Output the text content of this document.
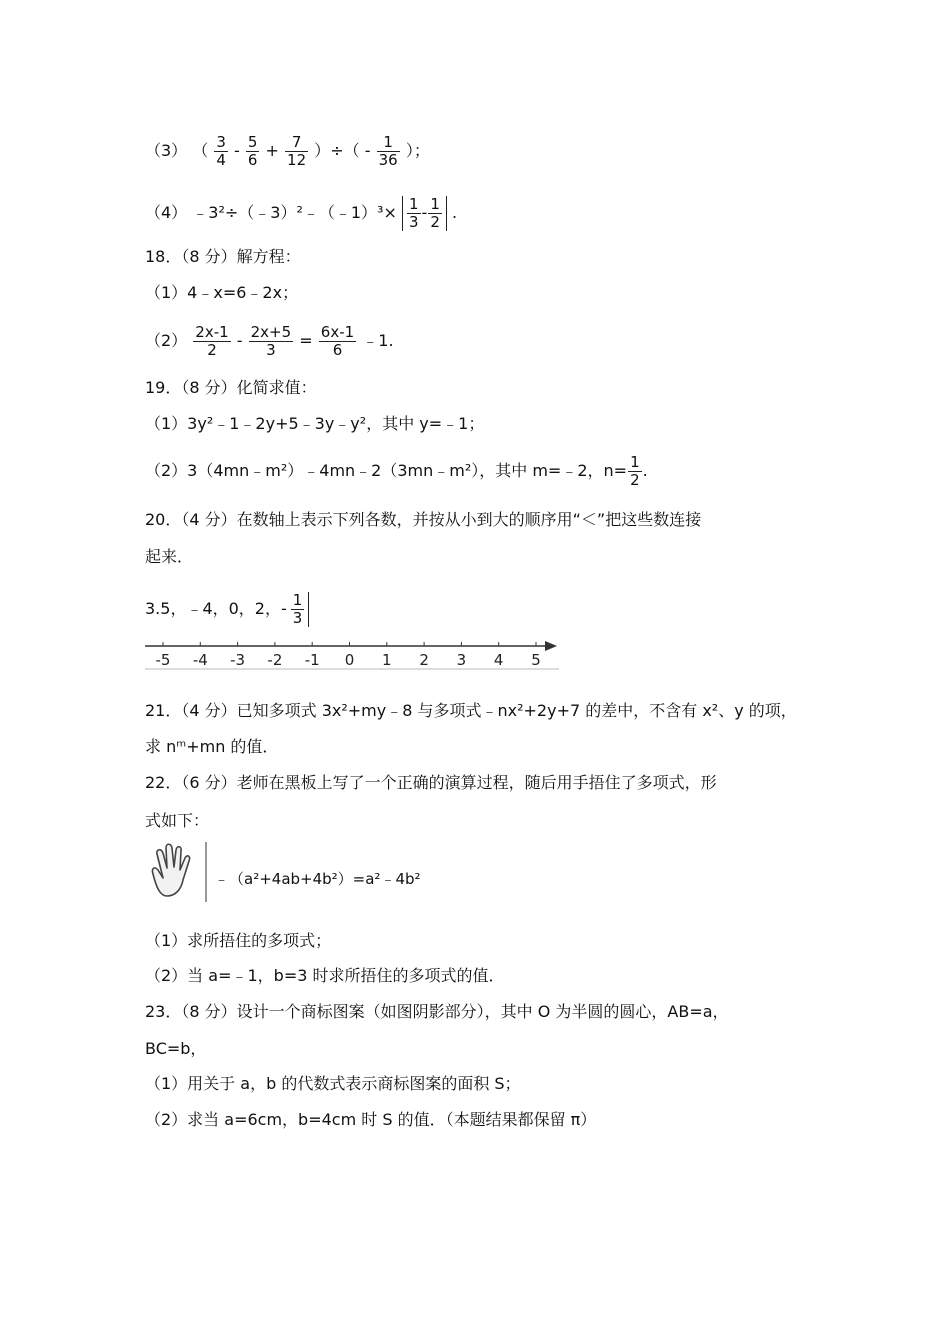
（3） （ $\frac{3}{4} - \frac{5}{6} + \frac{7}{12}$ ）÷（ - $\frac{1}{36}$ ）；
（4） ﹣3²÷（﹣3）²﹣（﹣1）³× $\frac{1}{3} - \frac{1}{2}$ .
18．（8 分）解方程：
（1）4﹣x=6﹣2x；
$(2) \frac{2x-1}{2} - \frac{2x+5}{3} = \frac{6x-1}{6}$ ﹣1.
19．（8 分）化简求值：
（1）3y²﹣1﹣2y+5﹣3y﹣y²，其中 y=﹣1；
（2）3（4mn﹣m²）﹣4mn﹣2（3mn﹣m²），其中 m=﹣2，$n= \frac{1}{2}$ .
20．（4 分）在数轴上表示下列各数，并按从小到大的顺序用“＜”把这些数连接
起来．
3.5，﹣4，0，2，- $\frac{1}{3}$
-5 -4 -3 -2 -1 0 1 2 3 4 5
21．（4 分）已知多项式 3x²+my﹣8 与多项式﹣nx²+2y+7 的差中，不含有 x²、y 的项，
求 nᵐ+mn 的值．
22．（6 分）老师在黑板上写了一个正确的演算过程，随后用手捂住了多项式，形
式如下：
﹣（a²+4ab+4b²）=a²﹣4b²
（1）求所捂住的多项式；
（2）当 a=﹣1，b=3 时求所捂住的多项式的值．
23．（8 分）设计一个商标图案（如图阴影部分），其中 O 为半圆的圆心，AB=a，
BC=b，
（1）用关于 a，b 的代数式表示商标图案的面积 S；
（2）求当 a=6cm，b=4cm 时 S 的值．（本题结果都保留 π）
